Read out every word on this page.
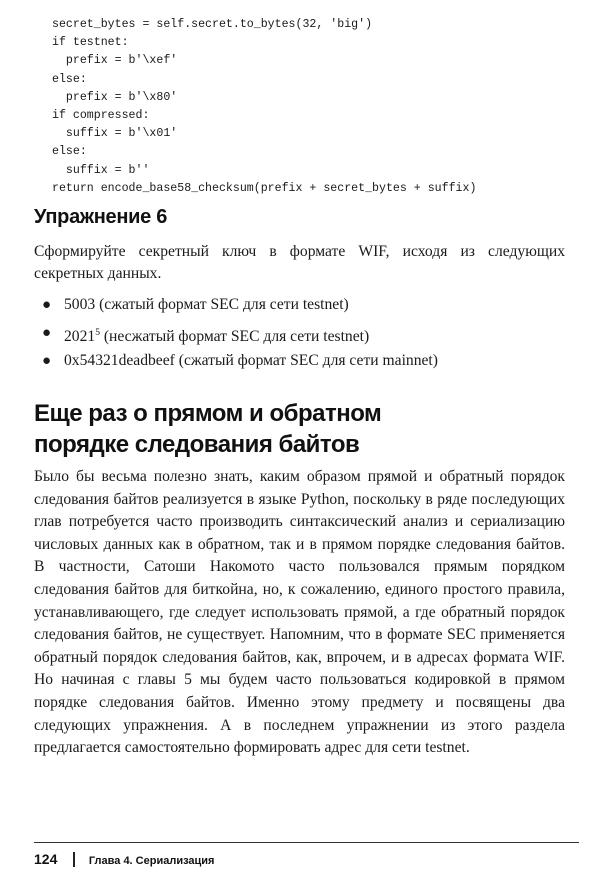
secret_bytes = self.secret.to_bytes(32, 'big')
if testnet:
prefix = b'\xef'
else:
prefix = b'\x80'
if compressed:
suffix = b'\x01'
else:
suffix = b''
return encode_base58_checksum(prefix + secret_bytes + suffix)
Упражнение 6

Сформируйте секретный ключ в формате WIF, исходя из следующих секретных данных.

● 5003 (сжатый формат SEC для сети testnet)
● 2021$^5$ (несжатый формат SEC для сети testnet)
● 0x54321deadbeef (сжатый формат SEC для сети mainnet)
Еще раз о прямом и обратном
порядке следования байтов

Было бы весьма полезно знать, каким образом прямой и обратный порядок следования байтов реализуется в языке Python, поскольку в ряде последующих глав потребуется часто производить синтаксический анализ и сериализацию числовых данных как в обратном, так и в прямом порядке следования байтов. В частности, Сатоши Накомото часто пользовался прямым порядком следования байтов для биткойна, но, к сожалению, единого простого правила, устанавливающего, где следует использовать прямой, а где обратный порядок следования байтов, не существует. Напомним, что в формате SEC применяется обратный порядок следования байтов, как, впрочем, и в адресах формата WIF. Но начиная с главы 5 мы будем часто пользоваться кодировкой в прямом порядке следования байтов. Именно этому предмету и посвящены два следующих упражнения. А в последнем упражнении из этого раздела предлагается самостоятельно формировать адрес для сети testnet.

124	Глава 4. Сериализация
